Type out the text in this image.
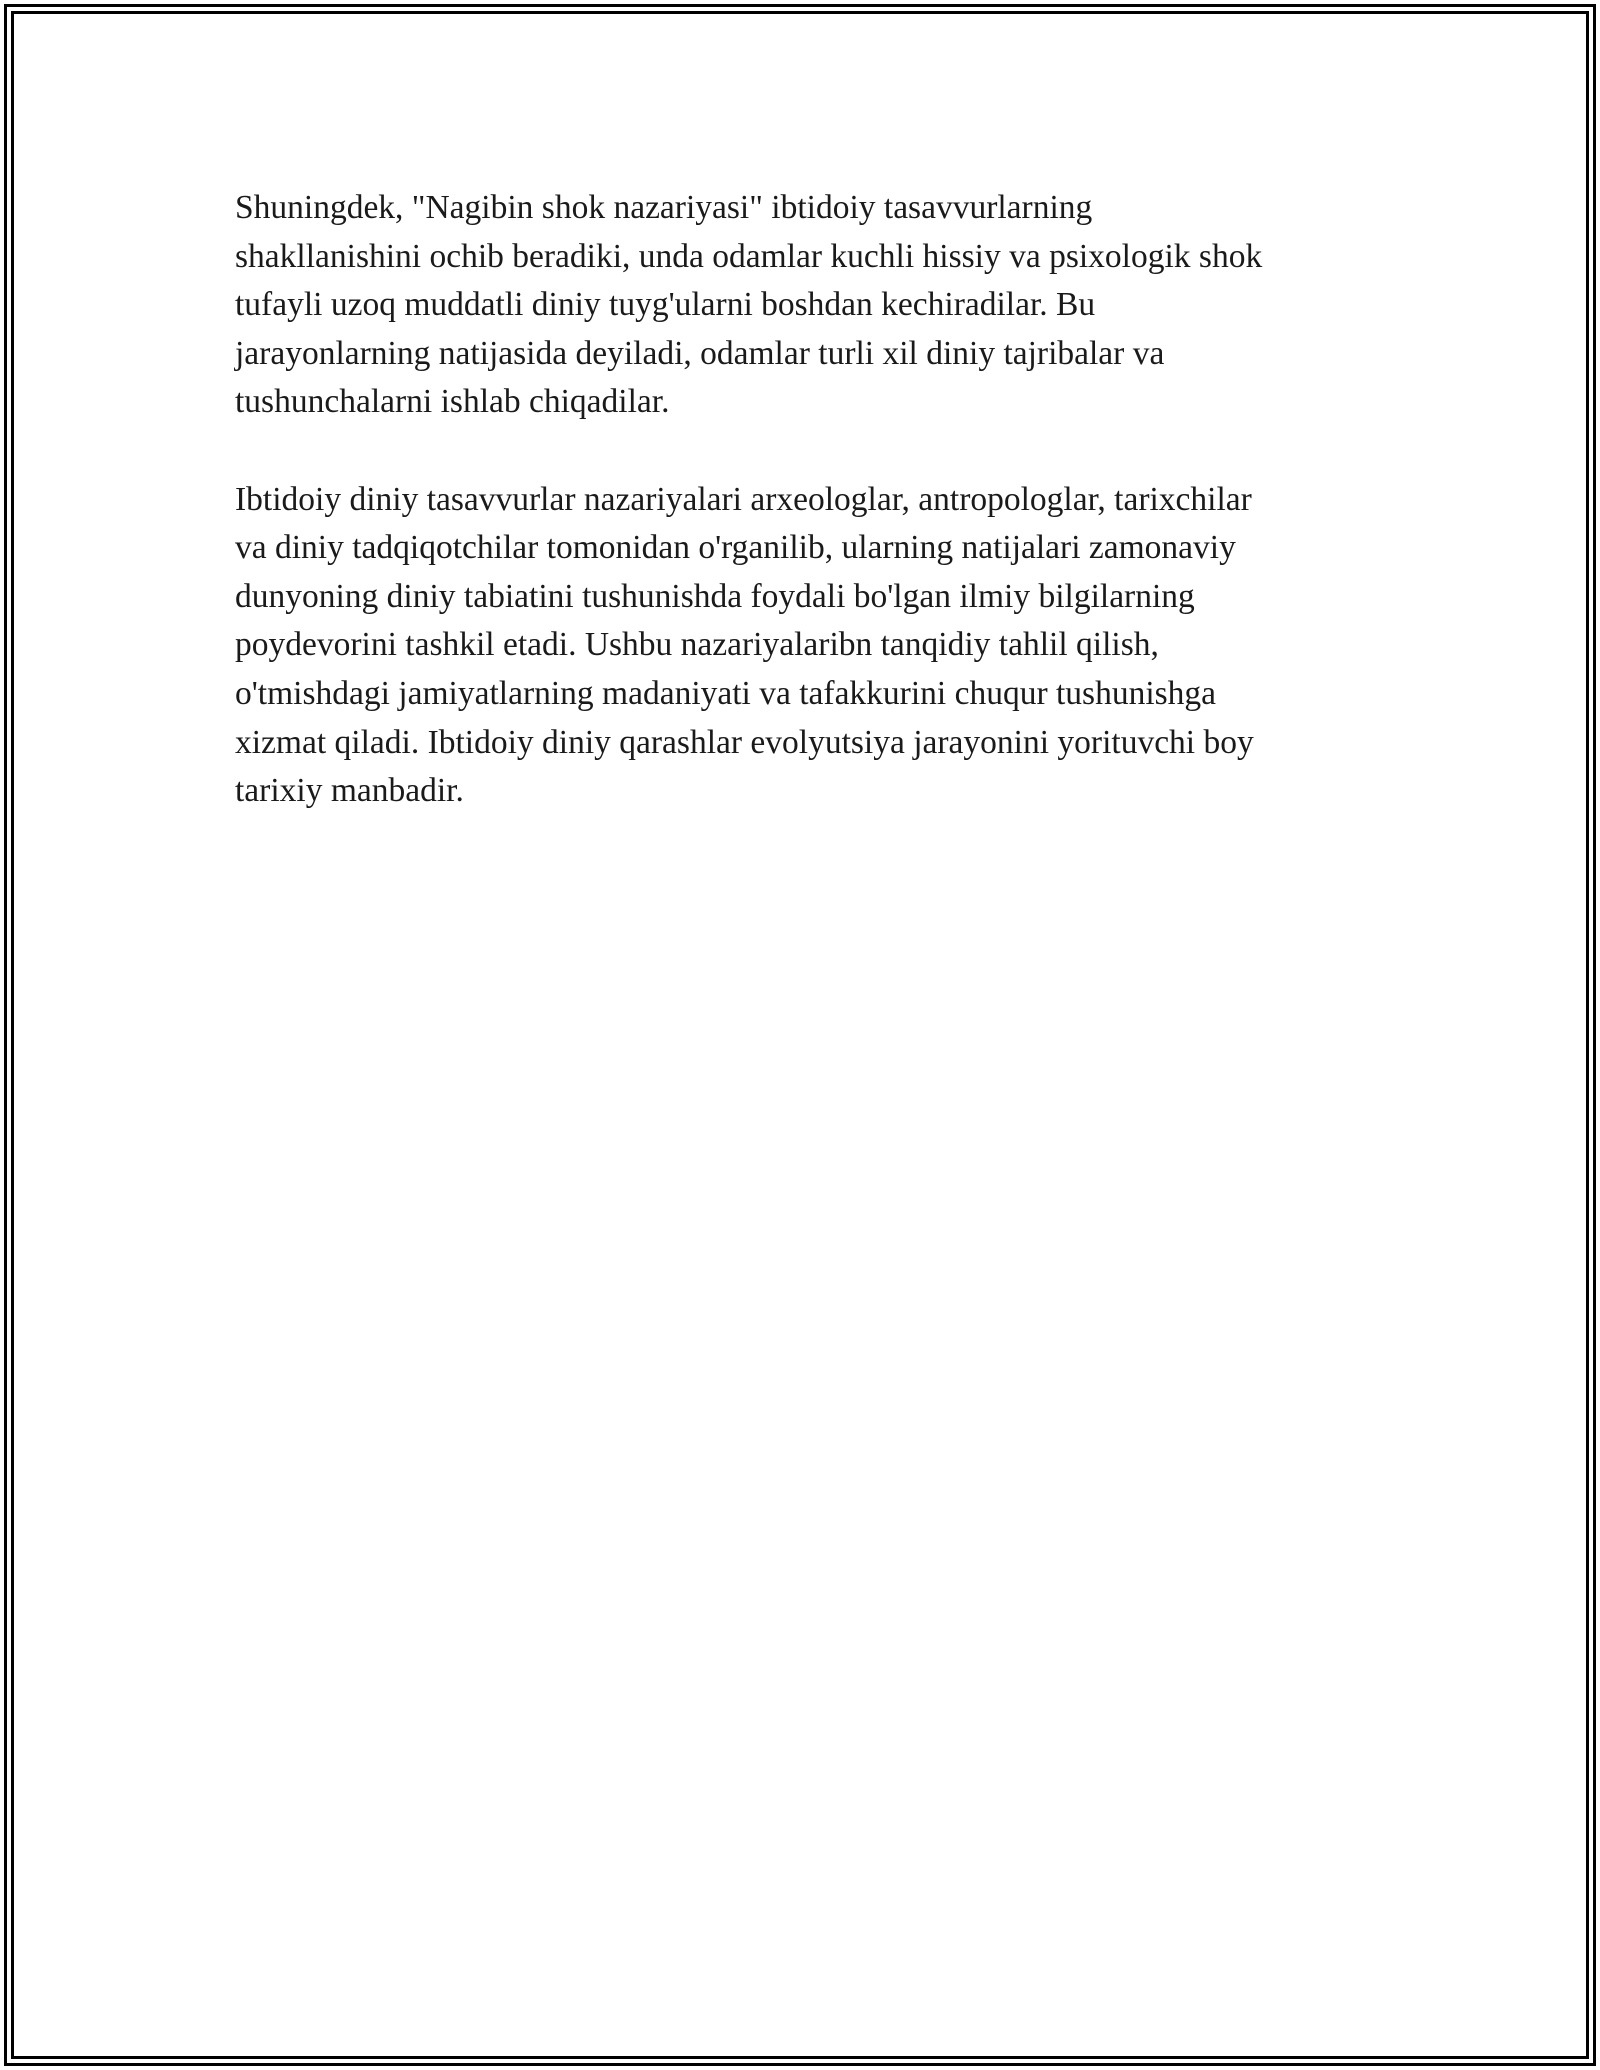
Shuningdek, "Nagibin shok nazariyasi" ibtidoiy tasavvurlarning
shakllanishini ochib beradiki, unda odamlar kuchli hissiy va psixologik shok
tufayli uzoq muddatli diniy tuyg'ularni boshdan kechiradilar. Bu
jarayonlarning natijasida deyiladi, odamlar turli xil diniy tajribalar va
tushunchalarni ishlab chiqadilar.

Ibtidoiy diniy tasavvurlar nazariyalari arxeologlar, antropologlar, tarixchilar
va diniy tadqiqotchilar tomonidan o'rganilib, ularning natijalari zamonaviy
dunyoning diniy tabiatini tushunishda foydali bo'lgan ilmiy bilgilarning
poydevorini tashkil etadi. Ushbu nazariyalaribn tanqidiy tahlil qilish,
o'tmishdagi jamiyatlarning madaniyati va tafakkurini chuqur tushunishga
xizmat qiladi. Ibtidoiy diniy qarashlar evolyutsiya jarayonini yorituvchi boy
tarixiy manbadir.
